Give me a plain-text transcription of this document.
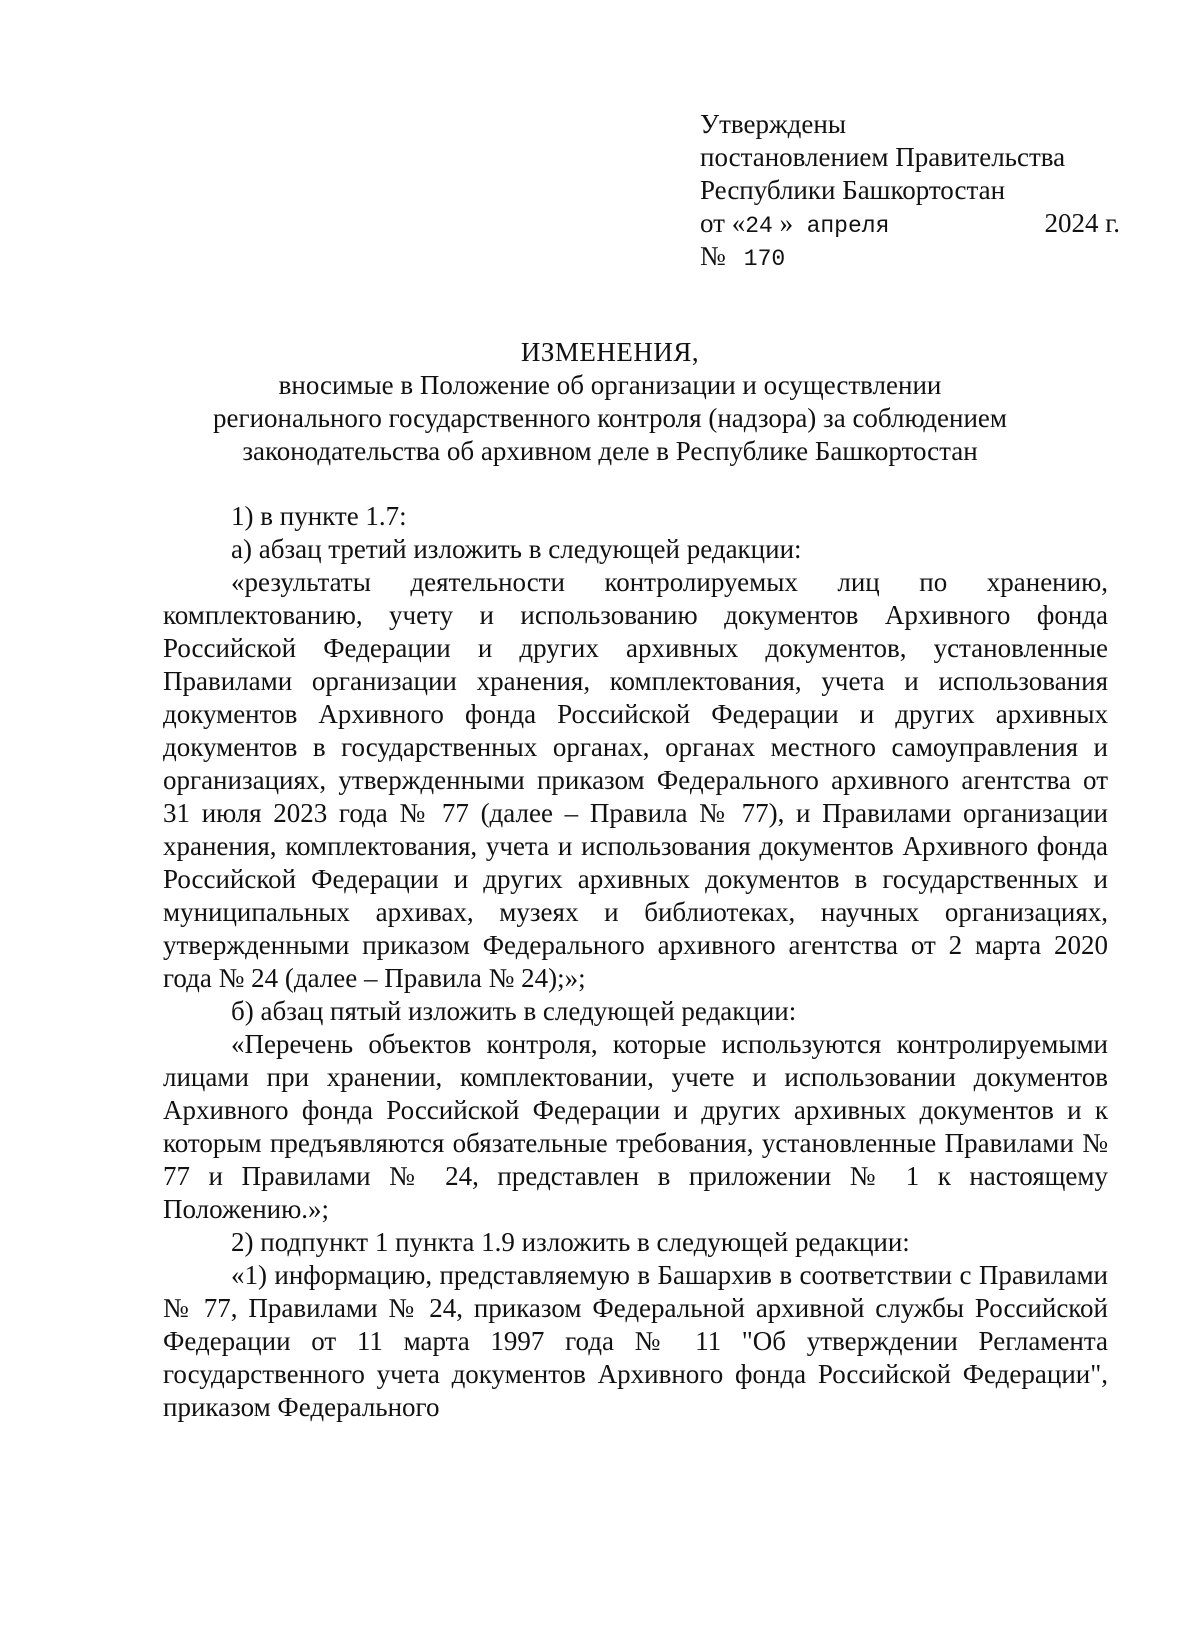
Утверждены
постановлением Правительства
Республики Башкортостан
от «24 »  апреля	2024 г.
№ 170
ИЗМЕНЕНИЯ,
вносимые в Положение об организации и осуществлении
регионального государственного контроля (надзора) за соблюдением
законодательства об архивном деле в Республике Башкортостан

1) в пункте 1.7:

а) абзац третий изложить в следующей редакции:

«результаты деятельности контролируемых лиц по хранению, комплектованию, учету и использованию документов Архивного фонда Российской Федерации и других архивных документов, установленные Правилами организации хранения, комплектования, учета и использования документов Архивного фонда Российской Федерации и других архивных документов в государственных органах, органах местного самоуправления и организациях, утвержденными приказом Федерального архивного агентства от 31 июля 2023 года № 77 (далее – Правила № 77), и Правилами организации хранения, комплектования, учета и использования документов Архивного фонда Российской Федерации и других архивных документов в государственных и муниципальных архивах, музеях и библиотеках, научных организациях, утвержденными приказом Федерального архивного агентства от 2 марта 2020 года № 24 (далее – Правила № 24);»;

б) абзац пятый изложить в следующей редакции:

«Перечень объектов контроля, которые используются контролируемыми лицами при хранении, комплектовании, учете и использовании документов Архивного фонда Российской Федерации и других архивных документов и к которым предъявляются обязательные требования, установленные Правилами № 77 и Правилами № 24, представлен в приложении № 1 к настоящему Положению.»;

2) подпункт 1 пункта 1.9 изложить в следующей редакции:

«1) информацию, представляемую в Башархив в соответствии с Правилами № 77, Правилами № 24, приказом Федеральной архивной службы Российской Федерации от 11 марта 1997 года № 11 "Об утверждении Регламента государственного учета документов Архивного фонда Российской Федерации", приказом Федерального
